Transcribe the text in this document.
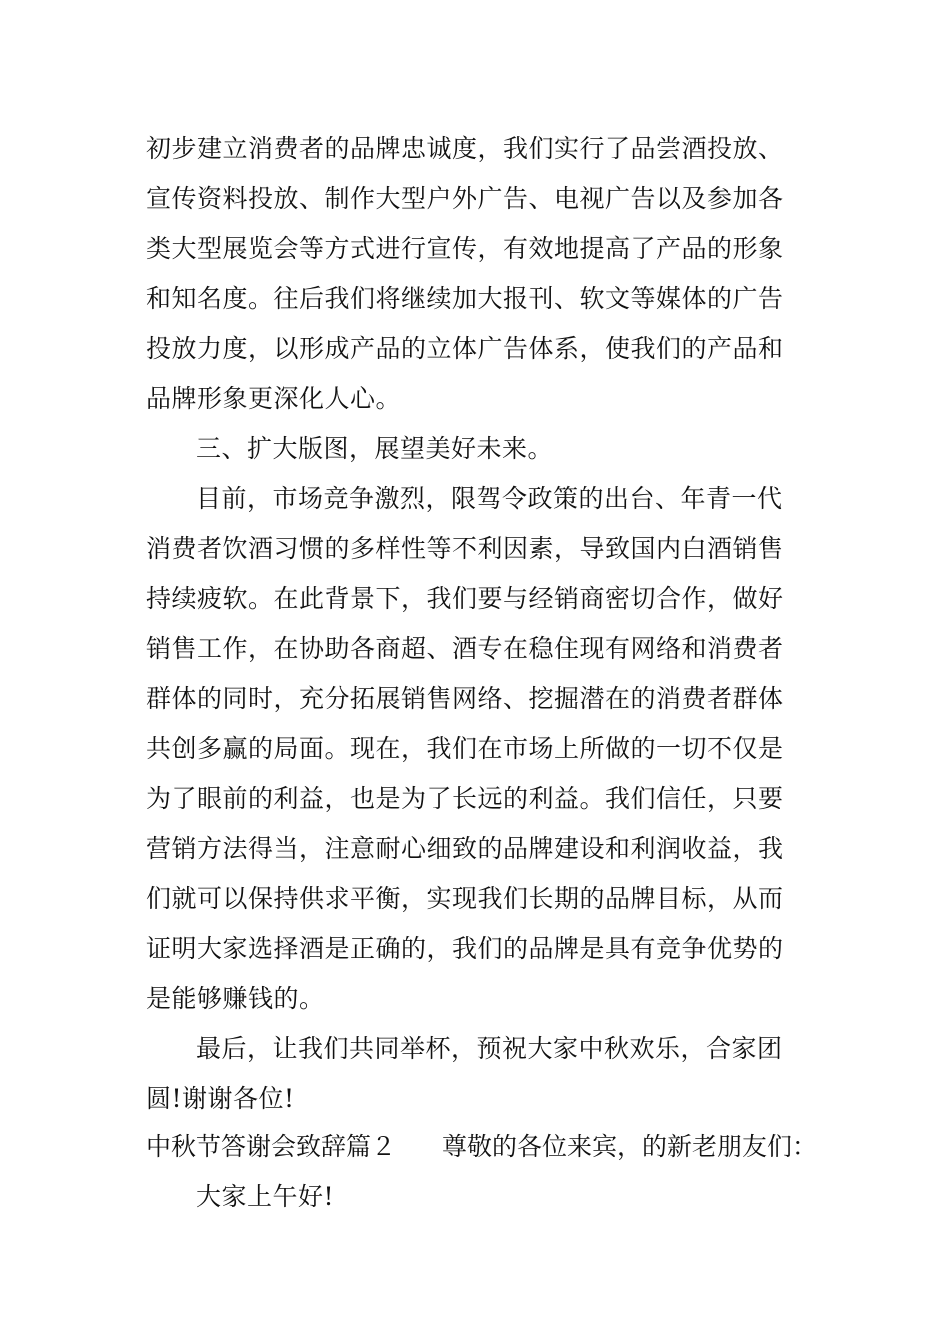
初步建立消费者的品牌忠诚度，我们实行了品尝酒投放、
宣传资料投放、制作大型户外广告、电视广告以及参加各
类大型展览会等方式进行宣传，有效地提高了产品的形象
和知名度。往后我们将继续加大报刊、软文等媒体的广告
投放力度，以形成产品的立体广告体系，使我们的产品和
品牌形象更深化人心。
三、扩大版图，展望美好未来。
目前，市场竞争激烈，限驾令政策的出台、年青一代
消费者饮酒习惯的多样性等不利因素，导致国内白酒销售
持续疲软。在此背景下，我们要与经销商密切合作，做好
销售工作，在协助各商超、酒专在稳住现有网络和消费者
群体的同时，充分拓展销售网络、挖掘潜在的消费者群体
共创多赢的局面。现在，我们在市场上所做的一切不仅是
为了眼前的利益，也是为了长远的利益。我们信任，只要
营销方法得当，注意耐心细致的品牌建设和利润收益，我
们就可以保持供求平衡，实现我们长期的品牌目标，从而
证明大家选择酒是正确的，我们的品牌是具有竞争优势的
是能够赚钱的。
最后，让我们共同举杯，预祝大家中秋欢乐，合家团
圆!谢谢各位!
中秋节答谢会致辞篇２ 尊敬的各位来宾，的新老朋友们：
大家上午好!
